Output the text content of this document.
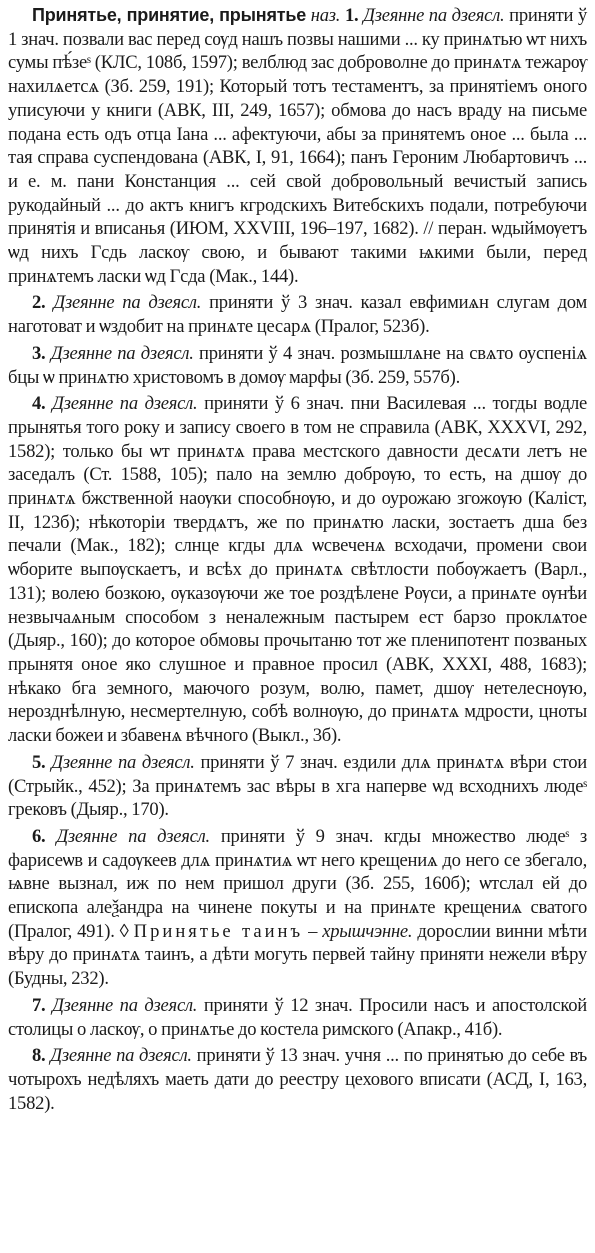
Принятье, принятие, прынятье наз. 1. Дзеянне па дзеясл. приняти ў 1 знач. позвали вас перед сѹд нашъ позвы нашими ... ку принѧтью ѡт нихъ сумы пѣ́зеˢ (КЛС, 108б, 1597); велблюд зас доброволне до принѧтѧ тежарѹ нахилѧетсѧ (Зб. 259, 191); Который тотъ тестаментъ, за принятіемъ оного уписуючи у книги (АВК, III, 249, 1657); обмова до насъ враду на письме подана есть одъ отца Іана ... афектуючи, абы за принятемъ оное ... была ... тая справа суспендована (АВК, I, 91, 1664); панъ Героним Любартовичъ ... и е. м. пани Констанция ... сей свой добровольный вечистый запись рукодайный ... до актъ книгъ кгродскихъ Витебскихъ подали, потребуючи принятія и вписанья (ИЮМ, XXVIII, 196–197, 1682). // перан. ѡдыймѹетъ ѡд нихъ Гсдь ласкѹ свою, и бывают такими ѩкими были, перед принѧтемъ ласки ѡд Гсда (Мак., 144).

2. Дзеянне па дзеясл. приняти ў 3 знач. казал евфимиѧн слугам дом наготоват и ѡздобит на принѧте цесарѧ (Пралог, 523б).

3. Дзеянне па дзеясл. приняти ў 4 знач. розмышлѧне на свѧто оуспеніѧ бцы ѡ принѧтю христовомъ в домѹ марфы (Зб. 259, 557б).

4. Дзеянне па дзеясл. приняти ў 6 знач. пни Василевая ... тогды водле прынятья того року и запису своего в том не справила (АВК, XXXVI, 292, 1582); только бы ѡт принѧтѧ права местского давности десѧти летъ не заседалъ (Ст. 1588, 105); пало на землю добрѹю, то есть, на дшѹ до принѧтѧ бжственной наѹки способнѹю, и до оурожаю згожѹю (Каліст, II, 123б); нѣкоторіи твердѧтъ, же по принѧтю ласки, зостаетъ дша без печали (Мак., 182); слнце кгды длѧ ѡсвеченѧ всходачи, промени свои ѡборите выпѹскаетъ, и всѣх до принѧтѧ свѣтлости побѹжаетъ (Варл., 131); волею бозкою, ѹказѹючи же тое роздѣлене Рѹси, а принѧте ѹнѣи незвычаѧным способом з неналежным пастырем ест барзо проклѧтое (Дыяр., 160); до которое обмовы прочытаню тот же пленипотент позваных прынятя оное яко слушное и правное просил (АВК, XXXI, 488, 1683); нѣкако бга земного, маючого розум, волю, памет, дшѹ нетелеснѹю, нерозднѣлную, несмертелную, собѣ волнѹю, до принѧтѧ мдрости, цноты ласки божеи и збавенѧ вѣчного (Выкл., 3б).

5. Дзеянне па дзеясл. приняти ў 7 знач. ездили длѧ принѧтѧ вѣри стои (Стрыйк., 452); За принѧтемъ зас вѣры в хга наперве ѡд всходнихъ людеˢ грековъ (Дыяр., 170).

6. Дзеянне па дзеясл. приняти ў 9 знач. кгды множество людеˢ з фарисеѡв и садѹкеев длѧ принѧтиѧ ѡт него крещениѧ до него се збегало, ѩвне вызнал, иж по нем пришол други (Зб. 255, 160б); ѡтслал ей до епископа алеѯандра на чинене покуты и на принѧте крещениѧ сватого (Пралог, 491). ◊ Принятье таинъ – хрышчэнне. дорослии винни мѣти вѣру до принѧтѧ таинъ, а дѣти могуть первей тайну приняти нежели вѣру (Будны, 232).

7. Дзеянне па дзеясл. приняти ў 12 знач. Просили насъ и апостолской столицы о ласкѹ, о принѧтье до костела римского (Апакр., 41б).

8. Дзеянне па дзеясл. приняти ў 13 знач. учня ... по принятью до себе въ чотырохъ недѣляхъ маеть дати до реестру цехового вписати (АСД, I, 163, 1582).
